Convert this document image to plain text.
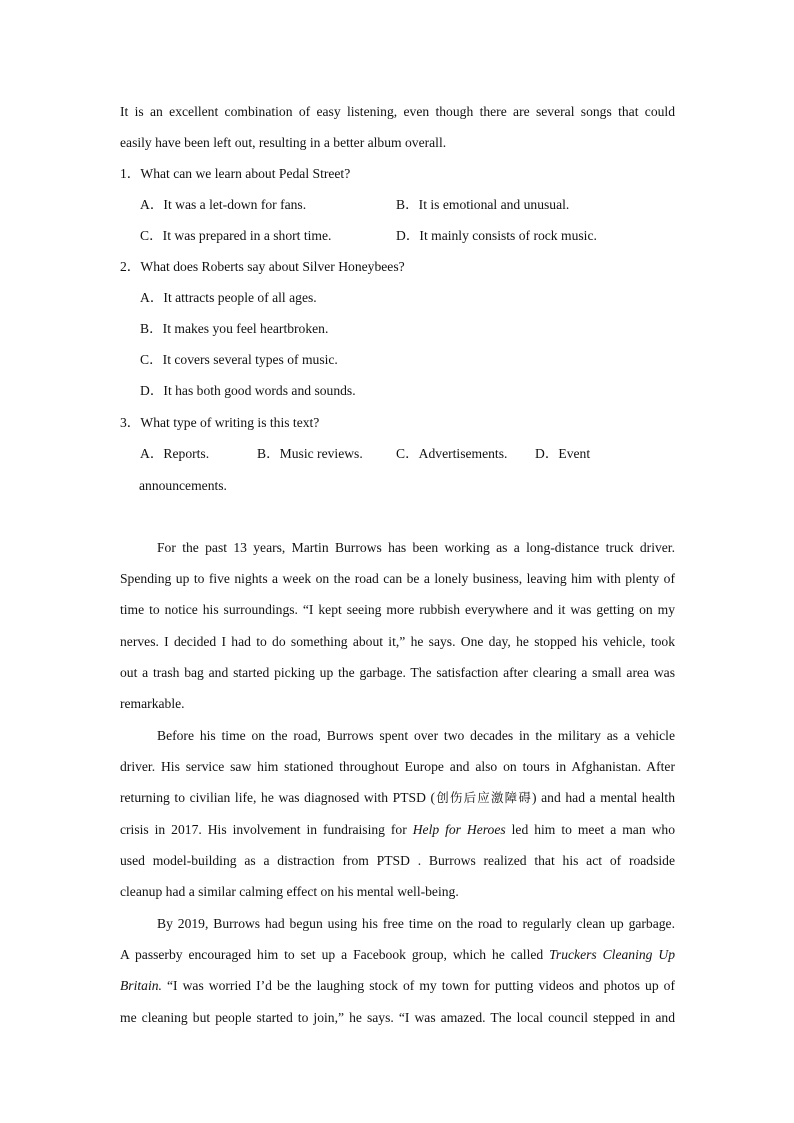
It is an excellent combination of easy listening, even though there are several songs that could
easily have been left out, resulting in a better album overall.
1．What can we learn about Pedal Street?
A．It was a let-down for fans.	B．It is emotional and unusual.
C．It was prepared in a short time.	D．It mainly consists of rock music.
2．What does Roberts say about Silver Honeybees?
A．It attracts people of all ages.
B．It makes you feel heartbroken.
C．It covers several types of music.
D．It has both good words and sounds.
3．What type of writing is this text?
A．Reports.	B．Music reviews. C．Advertisements. D．Event
announcements.
For the past 13 years, Martin Burrows has been working as a long-distance truck driver.
Spending up to five nights a week on the road can be a lonely business, leaving him with plenty of
time to notice his surroundings. “I kept seeing more rubbish everywhere and it was getting on my
nerves. I decided I had to do something about it,” he says. One day, he stopped his vehicle, took
out a trash bag and started picking up the garbage. The satisfaction after clearing a small area was
remarkable.
Before his time on the road, Burrows spent over two decades in the military as a vehicle
driver. His service saw him stationed throughout Europe and also on tours in Afghanistan. After
returning to civilian life, he was diagnosed with PTSD (创伤后应激障碍) and had a mental health
crisis in 2017. His involvement in fundraising for Help for Heroes led him to meet a man who
used model-building as a distraction from PTSD . Burrows realized that his act of roadside
cleanup had a similar calming effect on his mental well-being.
By 2019, Burrows had begun using his free time on the road to regularly clean up garbage.
A passerby encouraged him to set up a Facebook group, which he called Truckers Cleaning Up
Britain. “I was worried I’d be the laughing stock of my town for putting videos and photos up of
me cleaning but people started to join,” he says. “I was amazed. The local council stepped in and
